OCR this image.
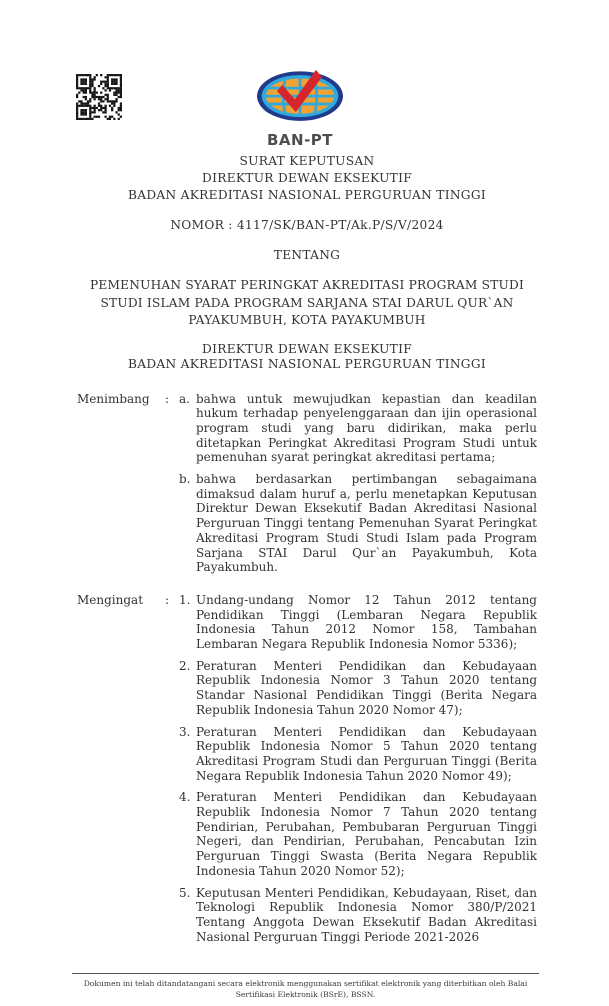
BAN-PT
SURAT KEPUTUSAN
DIREKTUR DEWAN EKSEKUTIF
BADAN AKREDITASI NASIONAL PERGURUAN TINGGI
NOMOR : 4117/SK/BAN-PT/Ak.P/S/V/2024
TENTANG
PEMENUHAN SYARAT PERINGKAT AKREDITASI PROGRAM STUDI STUDI ISLAM PADA PROGRAM SARJANA STAI DARUL QUR`AN PAYAKUMBUH, KOTA PAYAKUMBUH
DIREKTUR DEWAN EKSEKUTIF
BADAN AKREDITASI NASIONAL PERGURUAN TINGGI
Menimbang	: a. bahwa untuk mewujudkan kepastian dan keadilan hukum terhadap penyelenggaraan dan ijin operasional program studi yang baru didirikan, maka perlu ditetapkan Peringkat Akreditasi Program Studi untuk pemenuhan syarat peringkat akreditasi pertama;
b. bahwa berdasarkan pertimbangan sebagaimana dimaksud dalam huruf a, perlu menetapkan Keputusan Direktur Dewan Eksekutif Badan Akreditasi Nasional Perguruan Tinggi tentang Pemenuhan Syarat Peringkat Akreditasi Program Studi Studi Islam pada Program Sarjana STAI Darul Qur`an Payakumbuh, Kota Payakumbuh.
Mengingat	: 1. Undang-undang Nomor 12 Tahun 2012 tentang Pendidikan Tinggi (Lembaran Negara Republik Indonesia Tahun 2012 Nomor 158, Tambahan Lembaran Negara Republik Indonesia Nomor 5336);
2. Peraturan Menteri Pendidikan dan Kebudayaan Republik Indonesia Nomor 3 Tahun 2020 tentang Standar Nasional Pendidikan Tinggi (Berita Negara Republik Indonesia Tahun 2020 Nomor 47);
3. Peraturan Menteri Pendidikan dan Kebudayaan Republik Indonesia Nomor 5 Tahun 2020 tentang Akreditasi Program Studi dan Perguruan Tinggi (Berita Negara Republik Indonesia Tahun 2020 Nomor 49);
4. Peraturan Menteri Pendidikan dan Kebudayaan Republik Indonesia Nomor 7 Tahun 2020 tentang Pendirian, Perubahan, Pembubaran Perguruan Tinggi Negeri, dan Pendirian, Perubahan, Pencabutan Izin Perguruan Tinggi Swasta (Berita Negara Republik Indonesia Tahun 2020 Nomor 52);
5. Keputusan Menteri Pendidikan, Kebudayaan, Riset, dan Teknologi Republik Indonesia Nomor 380/P/2021 Tentang Anggota Dewan Eksekutif Badan Akreditasi Nasional Perguruan Tinggi Periode 2021-2026
Dokumen ini telah ditandatangani secara elektronik menggunakan sertifikat elektronik yang diterbitkan oleh Balai Sertifikasi Elektronik (BSrE), BSSN.
